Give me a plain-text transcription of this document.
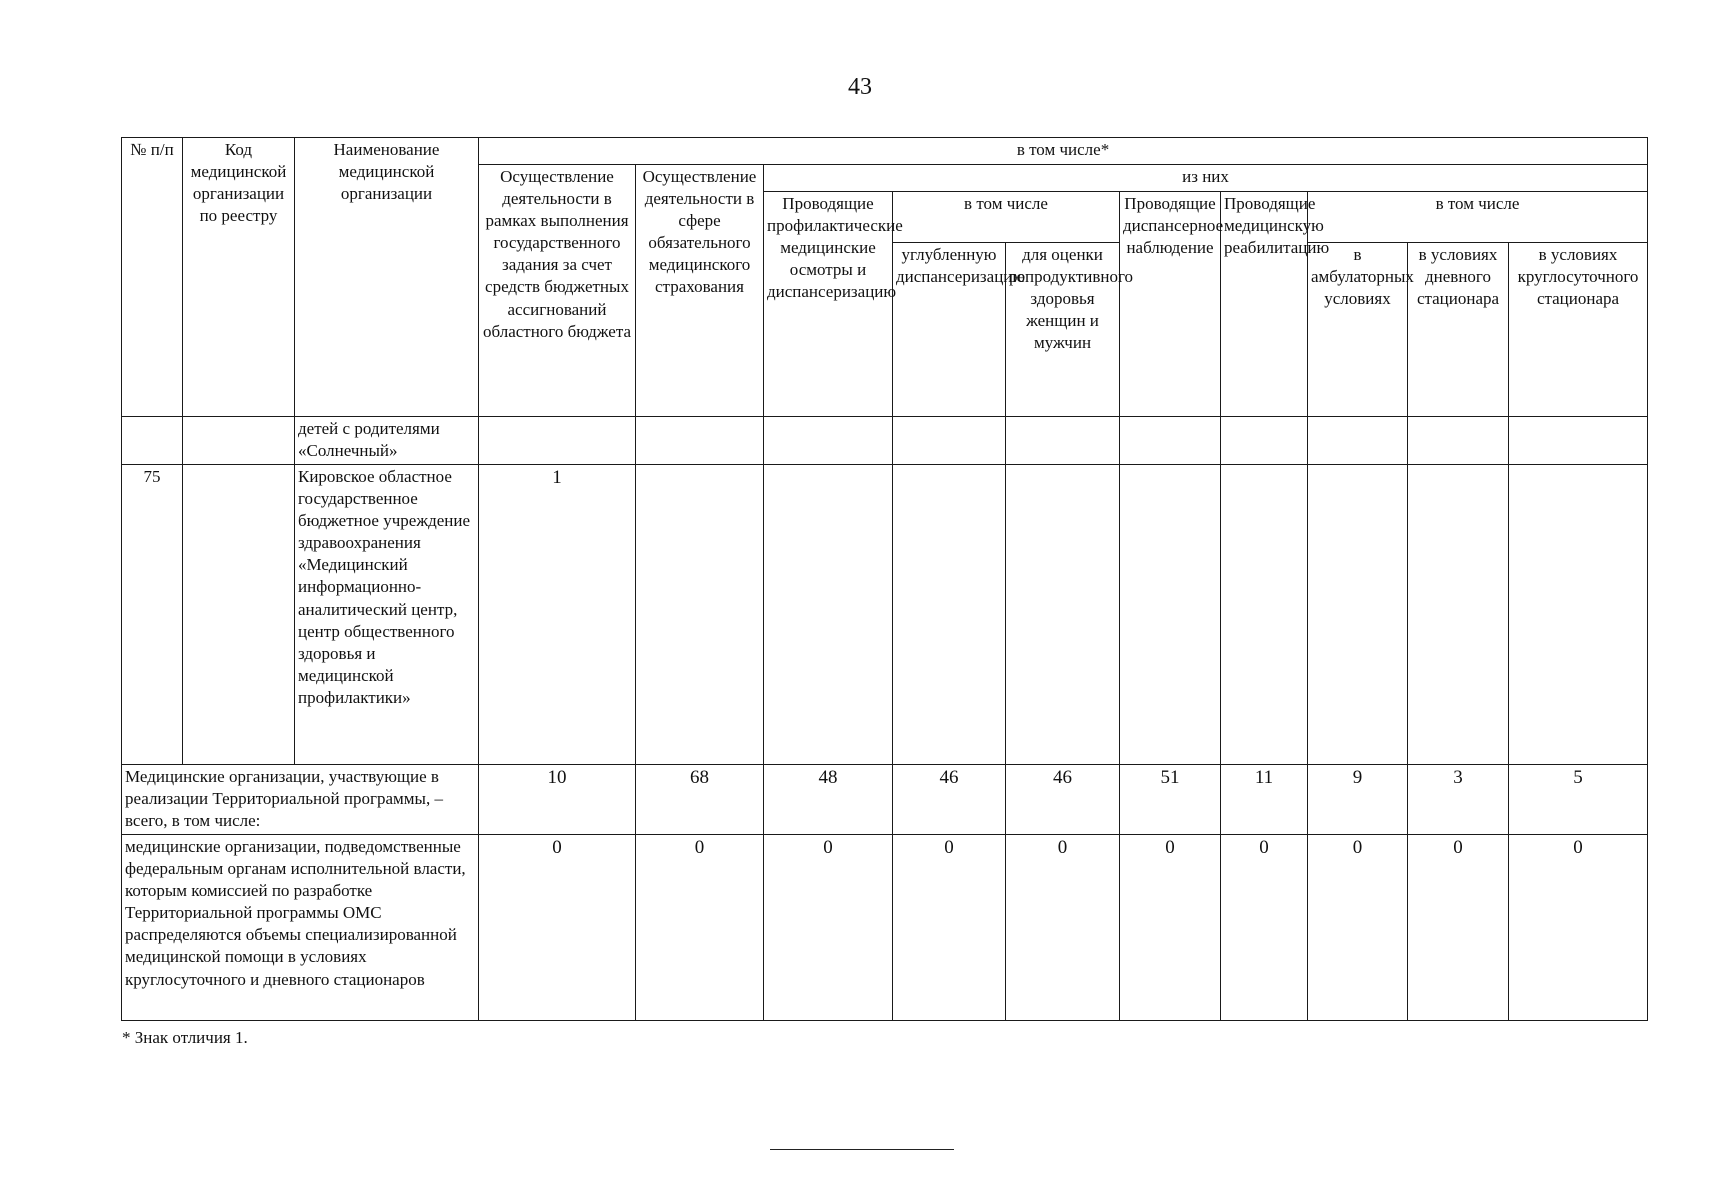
43
№ п/п	Код медицинской организации по реестру	Наименование медицинской организации	в том числе*									
			Осуществление деятельности в рамках выполнения государственного задания за счет средств бюджетных ассигнований областного бюджета	Осуществление деятельности в сфере обязательного медицинского страхования	из них							
					Проводящие профилактические медицинские осмотры и диспансеризацию	в том числе		Проводящие диспансерное наблюдение	Проводящие медицинскую реабилитацию	в том числе		
						углубленную диспансеризацию	для оценки репродуктивного здоровья женщин и мужчин			в амбулаторных условиях	в условиях дневного стационара	в условиях круглосуточного стационара
		детей с родителями «Солнечный»										
75		Кировское областное государственное бюджетное учреждение здравоохранения «Медицинский информационно-аналитический центр, центр общественного здоровья и медицинской профилактики»	1									
Медицинские организации, участвующие в реализации Территориальной программы, – всего, в том числе:			10	68	48	46	46	51	11	9	3	5
медицинские организации, подведомственные федеральным органам исполнительной власти, которым комиссией по разработке Территориальной программы ОМС распределяются объемы специализированной медицинской помощи в условиях круглосуточного и дневного стационаров			0	0	0	0	0	0	0	0	0	0
* Знак отличия 1.
